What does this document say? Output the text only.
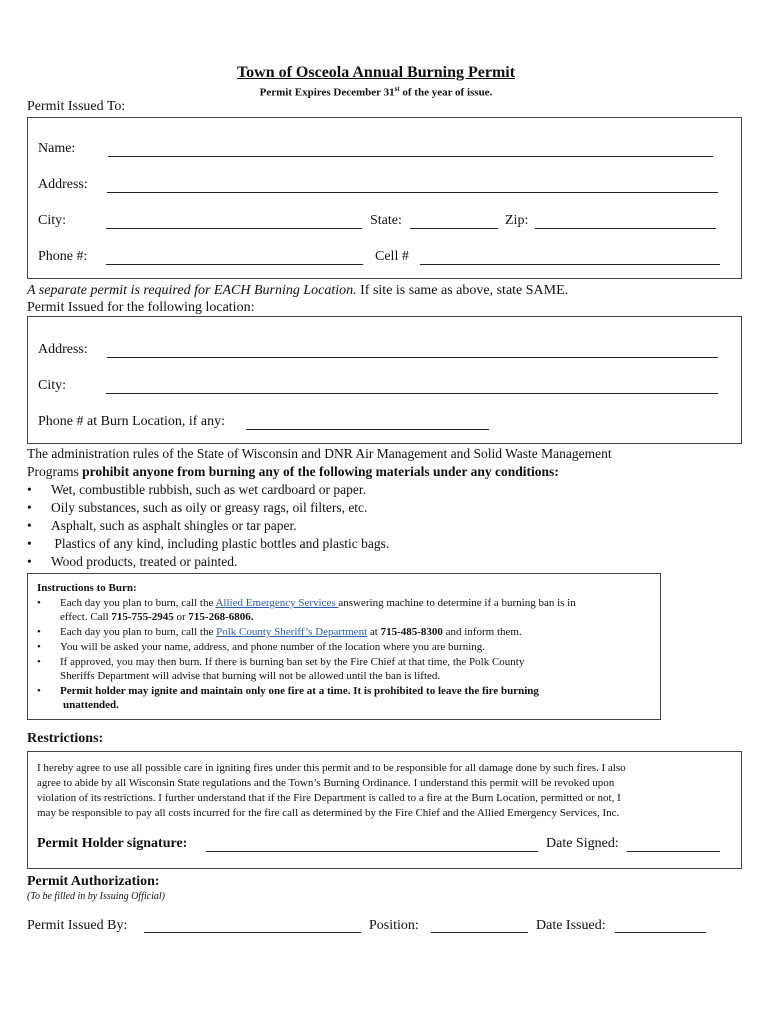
Town of Osceola Annual Burning Permit
Permit Expires December 31st of the year of issue.
Permit Issued To:
Name:
Address:
City:	State:	Zip:
Phone #:	Cell #
A separate permit is required for EACH Burning Location. If site is same as above, state SAME.
Permit Issued for the following location:
Address:
City:
Phone # at Burn Location, if any:
The administration rules of the State of Wisconsin and DNR Air Management and Solid Waste Management
Programs prohibit anyone from burning any of the following materials under any conditions:
• Wet, combustible rubbish, such as wet cardboard or paper.
• Oily substances, such as oily or greasy rags, oil filters, etc.
• Asphalt, such as asphalt shingles or tar paper.
• Plastics of any kind, including plastic bottles and plastic bags.
• Wood products, treated or painted.
Instructions to Burn:
• Each day you plan to burn, call the Allied Emergency Services answering machine to determine if a burning ban is in
effect. Call 715-755-2945 or 715-268-6806.
• Each day you plan to burn, call the Polk County Sheriff’s Department at 715-485-8300 and inform them.
• You will be asked your name, address, and phone number of the location where you are burning.
• If approved, you may then burn. If there is burning ban set by the Fire Chief at that time, the Polk County
Sheriffs Department will advise that burning will not be allowed until the ban is lifted.
• Permit holder may ignite and maintain only one fire at a time. It is prohibited to leave the fire burning
unattended.
Restrictions:
I hereby agree to use all possible care in igniting fires under this permit and to be responsible for all damage done by such fires. I also
agree to abide by all Wisconsin State regulations and the Town’s Burning Ordinance. I understand this permit will be revoked upon
violation of its restrictions. I further understand that if the Fire Department is called to a fire at the Burn Location, permitted or not, I
may be responsible to pay all costs incurred for the fire call as determined by the Fire Chief and the Allied Emergency Services, Inc.
Permit Holder signature:	Date Signed:
Permit Authorization:
(To be filled in by Issuing Official)
Permit Issued By:	Position:	Date Issued:
